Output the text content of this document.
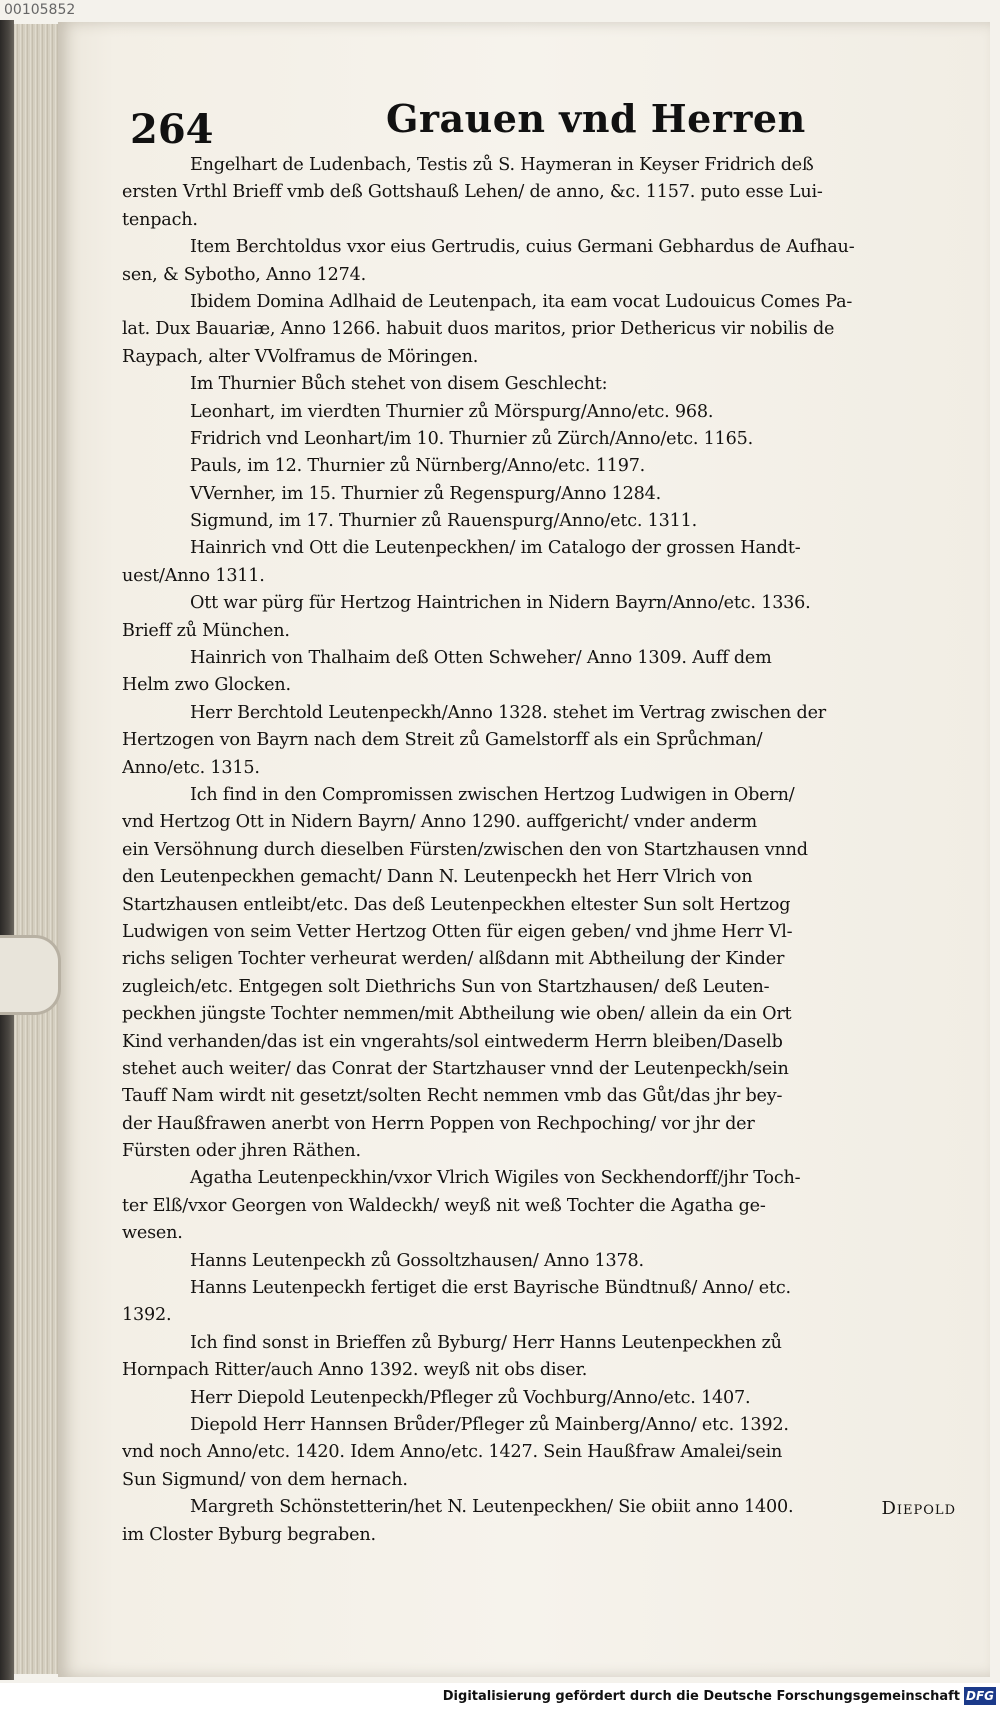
00105852
264	Grauen vnd Herren
Engelhart de Ludenbach, Testis zů S. Haymeran in Keyser Fridrich deß
ersten Vrthl Brieff vmb deß Gottshauß Lehen/ de anno, &c. 1157. puto esse Lui-
tenpach.
Item Berchtoldus vxor eius Gertrudis, cuius Germani Gebhardus de Aufhau-
sen, & Sybotho, Anno 1274.
Ibidem Domina Adlhaid de Leutenpach, ita eam vocat Ludouicus Comes Pa-
lat. Dux Bauariæ, Anno 1266. habuit duos maritos, prior Dethericus vir nobilis de
Raypach, alter VVolframus de Möringen.
Im Thurnier Bůch stehet von disem Geschlecht:
Leonhart, im vierdten Thurnier zů Mörspurg/Anno/etc. 968.
Fridrich vnd Leonhart/im 10. Thurnier zů Zürch/Anno/etc. 1165.
Pauls, im 12. Thurnier zů Nürnberg/Anno/etc. 1197.
VVernher, im 15. Thurnier zů Regenspurg/Anno 1284.
Sigmund, im 17. Thurnier zů Rauenspurg/Anno/etc. 1311.
Hainrich vnd Ott die Leutenpeckhen/ im Catalogo der grossen Handt-
uest/Anno 1311.
Ott war pürg für Hertzog Haintrichen in Nidern Bayrn/Anno/etc. 1336.
Brieff zů München.
Hainrich von Thalhaim deß Otten Schweher/ Anno 1309. Auff dem
Helm zwo Glocken.
Herr Berchtold Leutenpeckh/Anno 1328. stehet im Vertrag zwischen der
Hertzogen von Bayrn nach dem Streit zů Gamelstorff als ein Sprůchman/
Anno/etc. 1315.
Ich find in den Compromissen zwischen Hertzog Ludwigen in Obern/
vnd Hertzog Ott in Nidern Bayrn/ Anno 1290. auffgericht/ vnder anderm
ein Versöhnung durch dieselben Fürsten/zwischen den von Startzhausen vnnd
den Leutenpeckhen gemacht/ Dann N. Leutenpeckh het Herr Vlrich von
Startzhausen entleibt/etc. Das deß Leutenpeckhen eltester Sun solt Hertzog
Ludwigen von seim Vetter Hertzog Otten für eigen geben/ vnd jhme Herr Vl-
richs seligen Tochter verheurat werden/ alßdann mit Abtheilung der Kinder
zugleich/etc. Entgegen solt Diethrichs Sun von Startzhausen/ deß Leuten-
peckhen jüngste Tochter nemmen/mit Abtheilung wie oben/ allein da ein Ort
Kind verhanden/das ist ein vngerahts/sol eintwederm Herrn bleiben/Daselb
stehet auch weiter/ das Conrat der Startzhauser vnnd der Leutenpeckh/sein
Tauff Nam wirdt nit gesetzt/solten Recht nemmen vmb das Gůt/das jhr bey-
der Haußfrawen anerbt von Herrn Poppen von Rechpoching/ vor jhr der
Fürsten oder jhren Räthen.
Agatha Leutenpeckhin/vxor Vlrich Wigiles von Seckhendorff/jhr Toch-
ter Elß/vxor Georgen von Waldeckh/ weyß nit weß Tochter die Agatha ge-
wesen.
Hanns Leutenpeckh zů Gossoltzhausen/ Anno 1378.
Hanns Leutenpeckh fertiget die erst Bayrische Bündtnuß/ Anno/ etc.
1392.
Ich find sonst in Brieffen zů Byburg/ Herr Hanns Leutenpeckhen zů
Hornpach Ritter/auch Anno 1392. weyß nit obs diser.
Herr Diepold Leutenpeckh/Pfleger zů Vochburg/Anno/etc. 1407.
Diepold Herr Hannsen Brůder/Pfleger zů Mainberg/Anno/ etc. 1392.
vnd noch Anno/etc. 1420. Idem Anno/etc. 1427. Sein Haußfraw Amalei/sein
Sun Sigmund/ von dem hernach.
Margreth Schönstetterin/het N. Leutenpeckhen/ Sie obiit anno 1400.
im Closter Byburg begraben.
Diepold
Digitalisierung gefördert durch die Deutsche Forschungsgemeinschaft DFG
